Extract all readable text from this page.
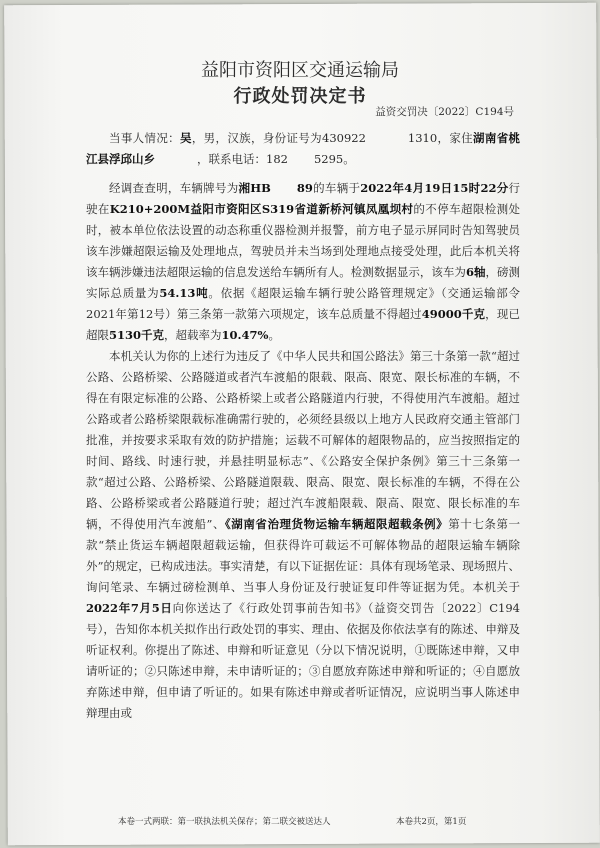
益阳市资阳区交通运输局
行政处罚决定书
益资交罚决〔2022〕C194号

当事人情况：吴，男，汉族，身份证号为430922	1310，家住湖南省桃江县浮邱山乡	，联系电话：182 5295。

经调查查明，车辆牌号为湘HB 89的车辆于2022年4月19日15时22分行驶在K210+200M益阳市资阳区S319省道新桥河镇凤凰坝村的不停车超限检测处时，被本单位依法设置的动态称重仪器检测并报警，前方电子显示屏同时告知驾驶员该车涉嫌超限运输及处理地点，驾驶员并未当场到处理地点接受处理，此后本机关将该车辆涉嫌违法超限运输的信息发送给车辆所有人。检测数据显示，该车为6轴，磅测实际总质量为54.13吨。依据《超限运输车辆行驶公路管理规定》（交通运输部令2021年第12号）第三条第一款第六项规定，该车总质量不得超过49000千克，现已超限5130千克，超载率为10.47%。

本机关认为你的上述行为违反了《中华人民共和国公路法》第三十条第一款“超过公路、公路桥梁、公路隧道或者汽车渡船的限载、限高、限宽、限长标准的车辆，不得在有限定标准的公路、公路桥梁上或者公路隧道内行驶，不得使用汽车渡船。超过公路或者公路桥梁限载标准确需行驶的，必须经县级以上地方人民政府交通主管部门批准，并按要求采取有效的防护措施；运载不可解体的超限物品的，应当按照指定的时间、路线、时速行驶，并悬挂明显标志”、《公路安全保护条例》第三十三条第一款“超过公路、公路桥梁、公路隧道限载、限高、限宽、限长标准的车辆，不得在公路、公路桥梁或者公路隧道行驶；超过汽车渡船限载、限高、限宽、限长标准的车辆，不得使用汽车渡船”、《湖南省治理货物运输车辆超限超载条例》第十七条第一款“禁止货运车辆超限超载运输，但获得许可载运不可解体物品的超限运输车辆除外”的规定，已构成违法。事实清楚，有以下证据佐证：具体有现场笔录、现场照片、询问笔录、车辆过磅检测单、当事人身份证及行驶证复印件等证据为凭。本机关于2022年7月5日向你送达了《行政处罚事前告知书》（益资交罚告〔2022〕C194号），告知你本机关拟作出行政处罚的事实、理由、依据及你依法享有的陈述、申辩及听证权利。你提出了陈述、申辩和听证意见（分以下情况说明，①既陈述申辩，又申请听证的；②只陈述申辩，未申请听证的；③自愿放弃陈述申辩和听证的；④自愿放弃陈述申辩，但申请了听证的。如果有陈述申辩或者听证情况，应说明当事人陈述申辩理由或

本卷一式两联：第一联执法机关保存；第二联交被送达人	本卷共2页，第1页
